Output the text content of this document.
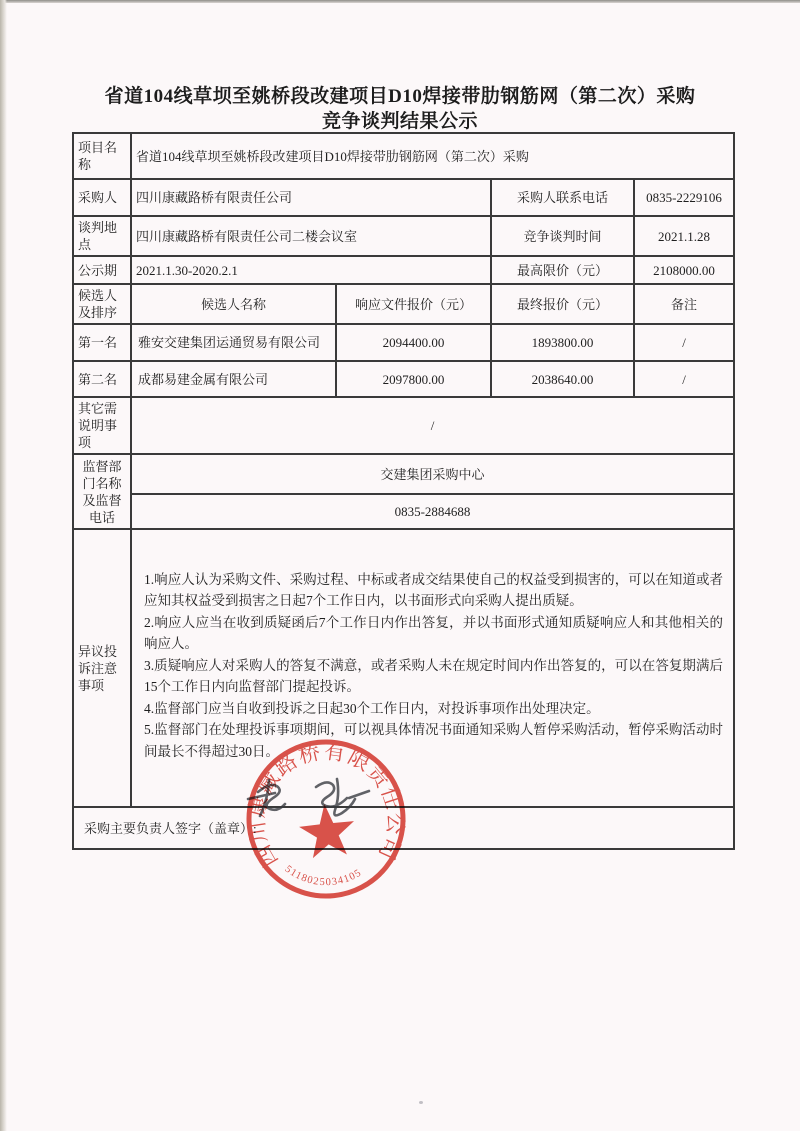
省道104线草坝至姚桥段改建项目D10焊接带肋钢筋网（第二次）采购
竞争谈判结果公示
项目名称	省道104线草坝至姚桥段改建项目D10焊接带肋钢筋网（第二次）采购			
采购人	四川康藏路桥有限责任公司		采购人联系电话	0835-2229106
谈判地点	四川康藏路桥有限责任公司二楼会议室		竞争谈判时间	2021.1.28
公示期	2021.1.30-2020.2.1		最高限价（元）	2108000.00
候选人及排序	候选人名称	响应文件报价（元）	最终报价（元）	备注
第一名	雅安交建集团运通贸易有限公司	2094400.00	1893800.00	/
第二名	成都易建金属有限公司	2097800.00	2038640.00	/
其它需说明事项	/			
监督部门名称及监督电话	交建集团采购中心			
	0835-2884688			
异议投诉注意事项	1.响应人认为采购文件、采购过程、中标或者成交结果使自己的权益受到损害的，可以在知道或者应知其权益受到损害之日起7个工作日内，以书面形式向采购人提出质疑。
2.响应人应当在收到质疑函后7个工作日内作出答复，并以书面形式通知质疑响应人和其他相关的响应人。
3.质疑响应人对采购人的答复不满意，或者采购人未在规定时间内作出答复的，可以在答复期满后15个工作日内向监督部门提起投诉。
4.监督部门应当自收到投诉之日起30个工作日内，对投诉事项作出处理决定。
5.监督部门在处理投诉事项期间，可以视具体情况书面通知采购人暂停采购活动，暂停采购活动时间最长不得超过30日。			

采购主要负责人签字（盖章）:				
四川康藏路桥有限责任公司
5118025034105
